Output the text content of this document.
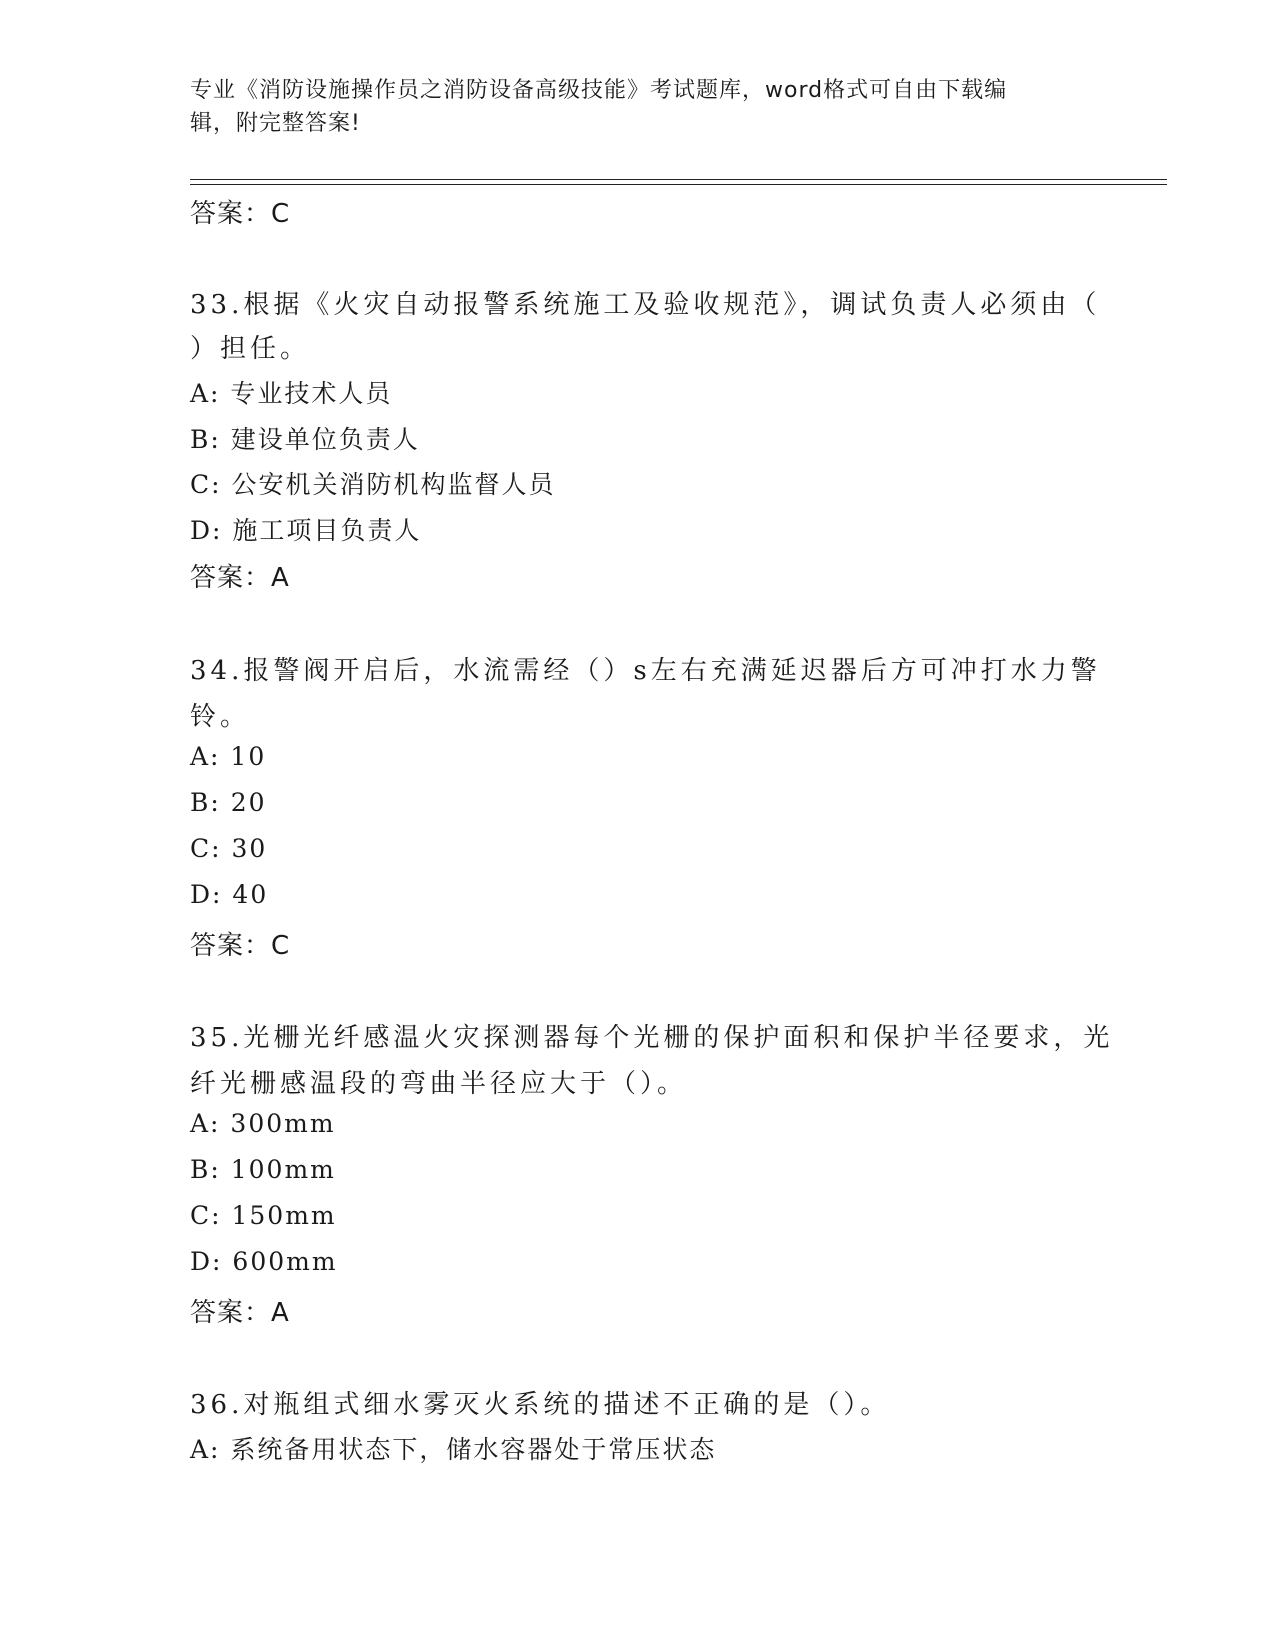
专业《消防设施操作员之消防设备高级技能》考试题库，word格式可自由下载编
辑，附完整答案!
答案：C
33.根据《火灾自动报警系统施工及验收规范》，调试负责人必须由（
）担任。
A: 专业技术人员
B: 建设单位负责人
C: 公安机关消防机构监督人员
D: 施工项目负责人
答案：A
34.报警阀开启后，水流需经（）s左右充满延迟器后方可冲打水力警
铃。
A: 10
B: 20
C: 30
D: 40
答案：C
35.光栅光纤感温火灾探测器每个光栅的保护面积和保护半径要求，光
纤光栅感温段的弯曲半径应大于（）。
A: 300mm
B: 100mm
C: 150mm
D: 600mm
答案：A
36.对瓶组式细水雾灭火系统的描述不正确的是（）。
A: 系统备用状态下，储水容器处于常压状态
